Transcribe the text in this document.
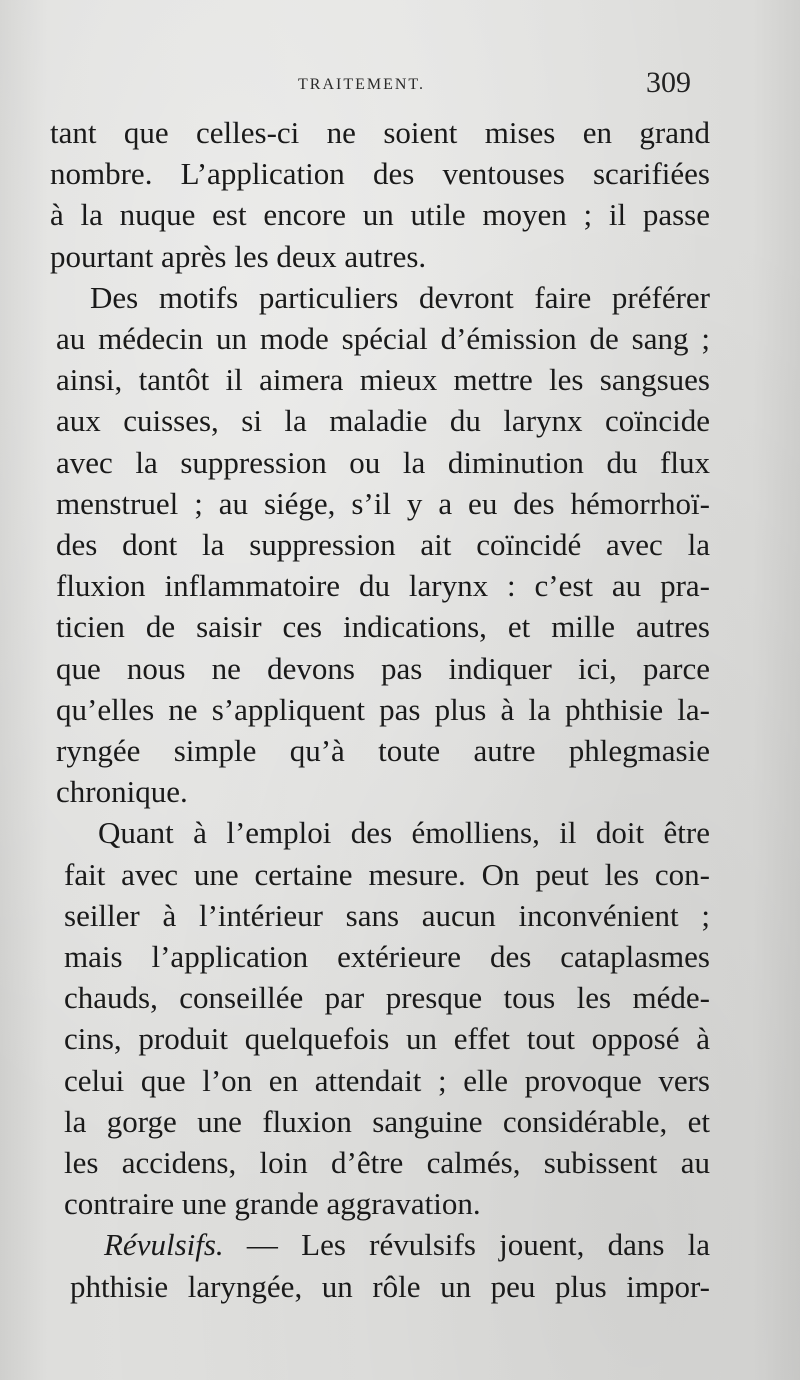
TRAITEMENT.	309
tant que celles-ci ne soient mises en grand
nombre. L’application des ventouses scarifiées
à la nuque est encore un utile moyen ; il passe
pourtant après les deux autres.
Des motifs particuliers devront faire préférer
au médecin un mode spécial d’émission de sang ;
ainsi, tantôt il aimera mieux mettre les sangsues
aux cuisses, si la maladie du larynx coïncide
avec la suppression ou la diminution du flux
menstruel ; au siége, s’il y a eu des hémorrhoï-
des dont la suppression ait coïncidé avec la
fluxion inflammatoire du larynx : c’est au pra-
ticien de saisir ces indications, et mille autres
que nous ne devons pas indiquer ici, parce
qu’elles ne s’appliquent pas plus à la phthisie la-
ryngée simple qu’à toute autre phlegmasie
chronique.
Quant à l’emploi des émolliens, il doit être
fait avec une certaine mesure. On peut les con-
seiller à l’intérieur sans aucun inconvénient ;
mais l’application extérieure des cataplasmes
chauds, conseillée par presque tous les méde-
cins, produit quelquefois un effet tout opposé à
celui que l’on en attendait ; elle provoque vers
la gorge une fluxion sanguine considérable, et
les accidens, loin d’être calmés, subissent au
contraire une grande aggravation.
Révulsifs. — Les révulsifs jouent, dans la
phthisie laryngée, un rôle un peu plus impor-
